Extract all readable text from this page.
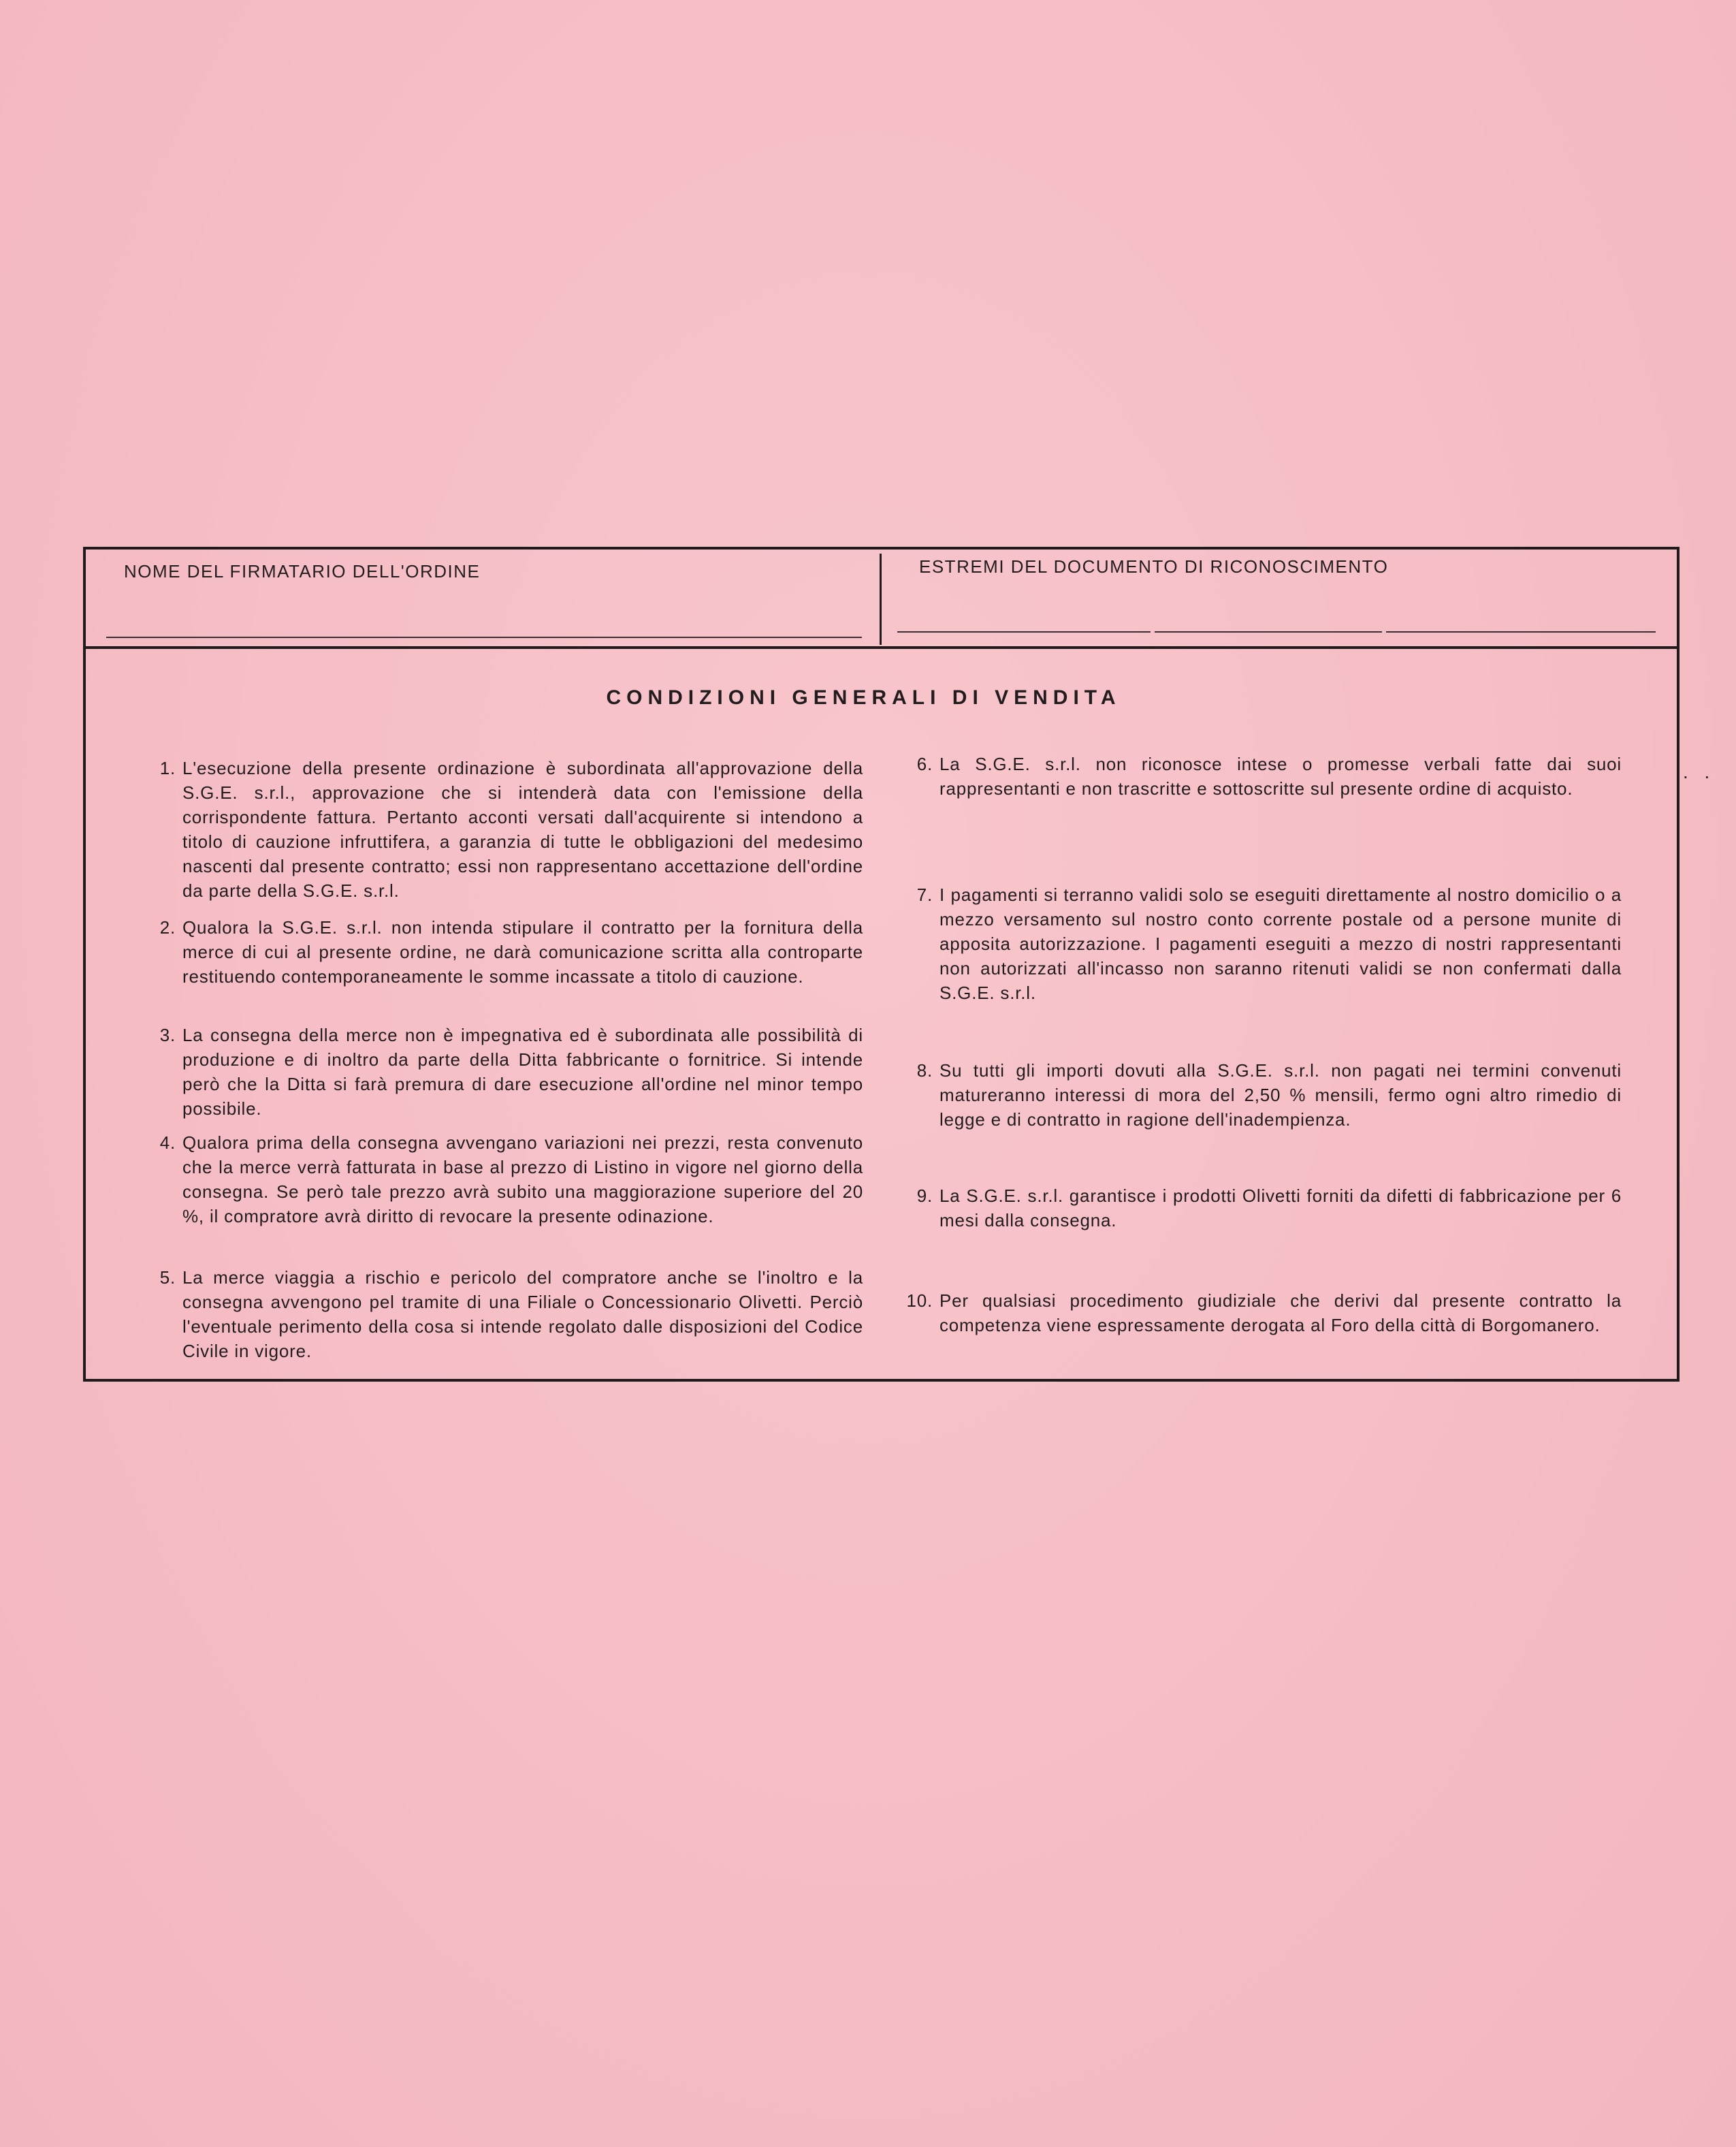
NOME DEL FIRMATARIO DELL'ORDINE	ESTREMI DEL DOCUMENTO DI RICONOSCIMENTO
CONDIZIONI GENERALI DI VENDITA
1. L'esecuzione della presente ordinazione è subordinata all'approvazione della S.G.E. s.r.l., approvazione che si intenderà data con l'emissione della corrispondente fattura. Pertanto acconti versati dall'acquirente si intendono a titolo di cauzione infruttifera, a garanzia di tutte le obbligazioni del medesimo nascenti dal presente contratto; essi non rappresentano accettazione dell'ordine da parte della S.G.E. s.r.l.
2. Qualora la S.G.E. s.r.l. non intenda stipulare il contratto per la fornitura della merce di cui al presente ordine, ne darà comunicazione scritta alla controparte restituendo contemporaneamente le somme incassate a titolo di cauzione.
3. La consegna della merce non è impegnativa ed è subordinata alle possibilità di produzione e di inoltro da parte della Ditta fabbricante o fornitrice. Si intende però che la Ditta si farà premura di dare esecuzione all'ordine nel minor tempo possibile.
4. Qualora prima della consegna avvengano variazioni nei prezzi, resta convenuto che la merce verrà fatturata in base al prezzo di Listino in vigore nel giorno della consegna. Se però tale prezzo avrà subito una maggiorazione superiore del 20 %, il compratore avrà diritto di revocare la presente odinazione.
5. La merce viaggia a rischio e pericolo del compratore anche se l'inoltro e la consegna avvengono pel tramite di una Filiale o Concessionario Olivetti. Perciò l'eventuale perimento della cosa si intende regolato dalle disposizioni del Codice Civile in vigore.
6. La S.G.E. s.r.l. non riconosce intese o promesse verbali fatte dai suoi rappresentanti e non trascritte e sottoscritte sul presente ordine di acquisto.
7. I pagamenti si terranno validi solo se eseguiti direttamente al nostro domicilio o a mezzo versamento sul nostro conto corrente postale od a persone munite di apposita autorizzazione. I pagamenti eseguiti a mezzo di nostri rappresentanti non autorizzati all'incasso non saranno ritenuti validi se non confermati dalla S.G.E. s.r.l.
8. Su tutti gli importi dovuti alla S.G.E. s.r.l. non pagati nei termini convenuti matureranno interessi di mora del 2,50 % mensili, fermo ogni altro rimedio di legge e di contratto in ragione dell'inadempienza.
9. La S.G.E. s.r.l. garantisce i prodotti Olivetti forniti da difetti di fabbricazione per 6 mesi dalla consegna.
10. Per qualsiasi procedimento giudiziale che derivi dal presente contratto la competenza viene espressamente derogata al Foro della città di Borgomanero.
. .
